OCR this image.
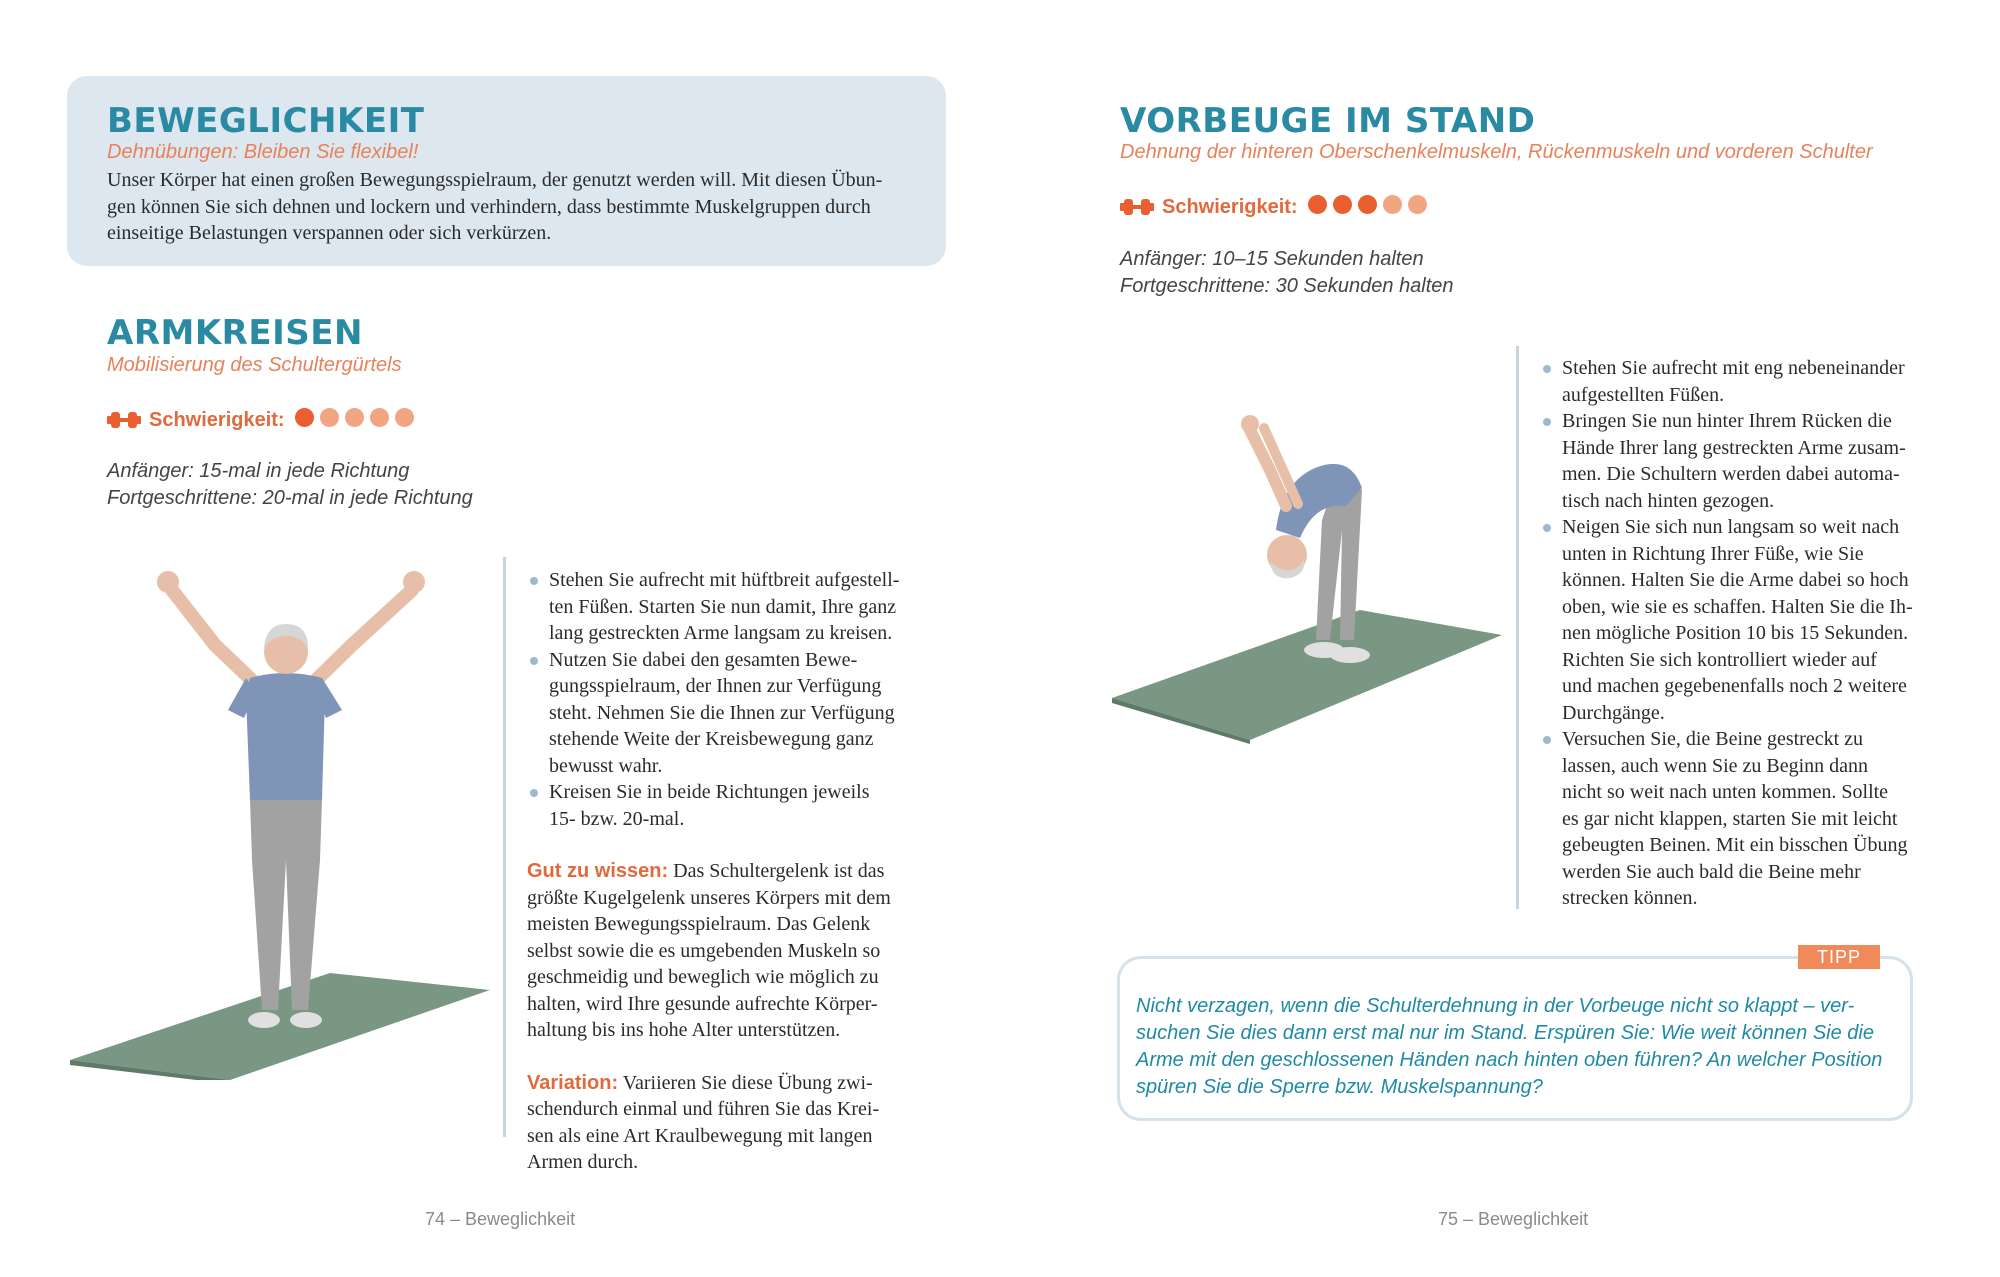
BEWEGLICHKEIT
Dehnübungen: Bleiben Sie flexibel!
Unser Körper hat einen großen Bewegungsspielraum, der genutzt werden will. Mit diesen Übun-
gen können Sie sich dehnen und lockern und verhindern, dass bestimmte Muskelgruppen durch
einseitige Belastungen verspannen oder sich verkürzen.
ARMKREISEN
Mobilisierung des Schultergürtels
Schwierigkeit:
Anfänger: 15-mal in jede Richtung
Fortgeschrittene: 20-mal in jede Richtung
Stehen Sie aufrecht mit hüftbreit aufgestell-
ten Füßen. Starten Sie nun damit, Ihre ganz
lang gestreckten Arme langsam zu kreisen.
Nutzen Sie dabei den gesamten Bewe-
gungsspielraum, der Ihnen zur Verfügung
steht. Nehmen Sie die Ihnen zur Verfügung
stehende Weite der Kreisbewegung ganz
bewusst wahr.
Kreisen Sie in beide Richtungen jeweils
15- bzw. 20-mal.
Gut zu wissen: Das Schultergelenk ist das
größte Kugelgelenk unseres Körpers mit dem
meisten Bewegungsspielraum. Das Gelenk
selbst sowie die es umgebenden Muskeln so
geschmeidig und beweglich wie möglich zu
halten, wird Ihre gesunde aufrechte Körper-
haltung bis ins hohe Alter unterstützen.
Variation: Variieren Sie diese Übung zwi-
schendurch einmal und führen Sie das Krei-
sen als eine Art Kraulbewegung mit langen
Armen durch.
74 – Beweglichkeit
VORBEUGE IM STAND
Dehnung der hinteren Oberschenkelmuskeln, Rückenmuskeln und vorderen Schulter
Schwierigkeit:
Anfänger: 10–15 Sekunden halten
Fortgeschrittene: 30 Sekunden halten
Stehen Sie aufrecht mit eng nebeneinander
aufgestellten Füßen.
Bringen Sie nun hinter Ihrem Rücken die
Hände Ihrer lang gestreckten Arme zusam-
men. Die Schultern werden dabei automa-
tisch nach hinten gezogen.
Neigen Sie sich nun langsam so weit nach
unten in Richtung Ihrer Füße, wie Sie
können. Halten Sie die Arme dabei so hoch
oben, wie sie es schaffen. Halten Sie die Ih-
nen mögliche Position 10 bis 15 Sekunden.
Richten Sie sich kontrolliert wieder auf
und machen gegebenenfalls noch 2 weitere
Durchgänge.
Versuchen Sie, die Beine gestreckt zu
lassen, auch wenn Sie zu Beginn dann
nicht so weit nach unten kommen. Sollte
es gar nicht klappen, starten Sie mit leicht
gebeugten Beinen. Mit ein bisschen Übung
werden Sie auch bald die Beine mehr
strecken können.
TIPP
Nicht verzagen, wenn die Schulterdehnung in der Vorbeuge nicht so klappt – ver-
suchen Sie dies dann erst mal nur im Stand. Erspüren Sie: Wie weit können Sie die
Arme mit den geschlossenen Händen nach hinten oben führen? An welcher Position
spüren Sie die Sperre bzw. Muskelspannung?
75 – Beweglichkeit
